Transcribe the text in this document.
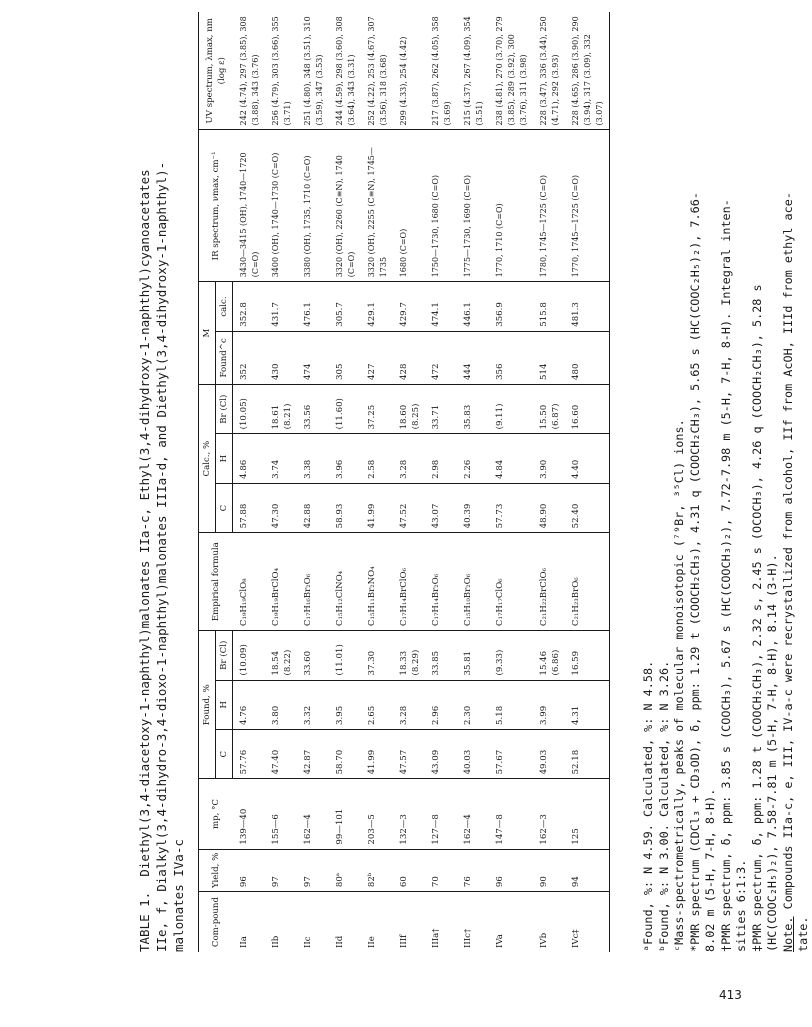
TABLE 1.  Diethyl(3,4-diacetoxy-1-naphthyl)malonates IIa-c, Ethyl(3,4-dihydroxy-1-naphthyl)cyanoacetates IIe, f, Dialkyl(3,4-dihydro-3,4-dioxo-1-naphthyl)malonates IIIa-d, and Diethyl(3,4-dihydroxy-1-naphthyl)- malonates IVa-c	Com-pound	Yield, %	mp, °C	Found, %			Empirical formula	Calc., %			M		IR spectrum, νmax, cm⁻¹	UV spectrum, λmax, nm (log ε)
			C	H	Br (Cl)		C	H	Br (Cl)	Found^c	calc.		
IIa	96	139—40	57.76	4.76	(10.09)	C₁₉H₁₉ClO₈	57.88	4.86	(10.05)	352	352.8	3430—3415 (OH), 1740—1720 (C=O)	242 (4.74), 297 (3.85), 308 (3.88), 343 (3.76)
IIb	97	155—6	47.40	3.80	18.54 (8.22)	C₁₉H₁₉BrClO₄	47.30	3.74	18.61 (8.21)	430	431.7	3400 (OH), 1740—1730 (C=O)	256 (4.79), 303 (3.66), 355 (3.71)
IIc	97	162—4	42.87	3.32	33.60	C₁₇H₁₆Br₂O₆	42.88	3.38	33.56	474	476.1	3380 (OH), 1735, 1710 (C=O)	251 (4.80), 348 (3.51), 310 (3.59), 347 (3.53)
IId	80ᵃ	99—101	58.70	3.95	(11.01)	C₁₅H₁₂ClNO₄	58.93	3.96	(11.60)	305	305.7	3320 (OH), 2260 (C≡N), 1740 (C=O)	244 (4.59), 298 (3.60), 308 (3.64), 343 (3.31)
IIe	82ᵇ	203—5	41.99	2.65	37.30	C₁₅H₁₁Br₂NO₄	41.99	2.58	37.25	427	429.1	3320 (OH), 2255 (C≡N), 1745—1735	252 (4.22), 253 (4.67), 307 (3.56), 318 (3.68)
IIIf	60	132—3	47.57	3.28	18.33 (8.29)	C₁₇H₁₄BrClO₆	47.52	3.28	18.60 (8.25)	428	429.7	1680 (C=O)	299 (4.33), 254 (4.42)
IIIa†	70	127—8	43.09	2.96	33.85	C₁₇H₁₄Br₂O₆	43.07	2.98	33.71	472	474.1	1750—1730, 1680 (C=O)	217 (3.87), 262 (4.05), 358 (3.69)
IIIc†	76	162—4	40.03	2.30	35.81	C₁₅H₁₀Br₂O₆	40.39	2.26	35.83	444	446.1	1775—1730, 1690 (C=O)	215 (4.37), 267 (4.09), 354 (3.51)
IVa	96	147—8	57.67	5.18	(9.33)	C₁₇H₁₇ClO₆	57.73	4.84	(9.11)	356	356.9	1770, 1710 (C=O)	238 (4.81), 270 (3.70), 279 (3.85), 289 (3.92), 300 (3.76), 311 (3.98)
IVb	90	162—3	49.03	3.99	15.46 (6.86)	C₂₁H₂₂BrClO₆	48.90	3.90	15.50 (6.87)	514	515.8	1780, 1745—1725 (C=O)	228 (3.47), 336 (3.44), 250 (4.71), 292 (3.93)
IVc‡	94	125	52.18	4.31	16.59	C₂₁H₂₃BrO₆	52.40	4.40	16.60	480	481.3	1770, 1745—1725 (C=O)	228 (4.65), 286 (3.90), 290 (3.94), 317 (3.09), 332 (3.07)
ᵃFound, %: N 4.59. Calculated, %: N 4.58. ᵇFound, %: N 3.00. Calculated, %: N 3.26. ᶜMass-spectrometrically, peaks of molecular monoisotopic (⁷⁹Br, ³⁵Cl) ions. *PMR spectrum (CDCl₃ + CD₃OD), δ, ppm: 1.29 t (COOCH₂CH₃), 4.31 q (COOCH₂CH₃), 5.65 s (HC(COOC₂H₅)₂), 7.66- 8.02 m (5-H, 7-H, 8-H). †PMR spectrum, δ, ppm: 3.85 s (COOCH₃), 5.67 s (HC(COOCH₃)₂), 7.72-7.98 m (5-H, 7-H, 8-H). Integral inten- sities 6:1:3. ‡PMR spectrum, δ, ppm: 1.28 t (COOCH₂CH₃), 2.32 s, 2.45 s (OCOCH₃), 4.26 q (COOCH₂CH₃), 5.28 s (HC(COOC₂H₅)₂), 7.58-7.81 m (5-H, 7-H, 8-H), 8.14 (3-H). Note. Compounds IIa-c, e, III, IV-a-c were recrystallized from alcohol, IIf from AcOH, IIId from ethyl ace-
tate.
413
